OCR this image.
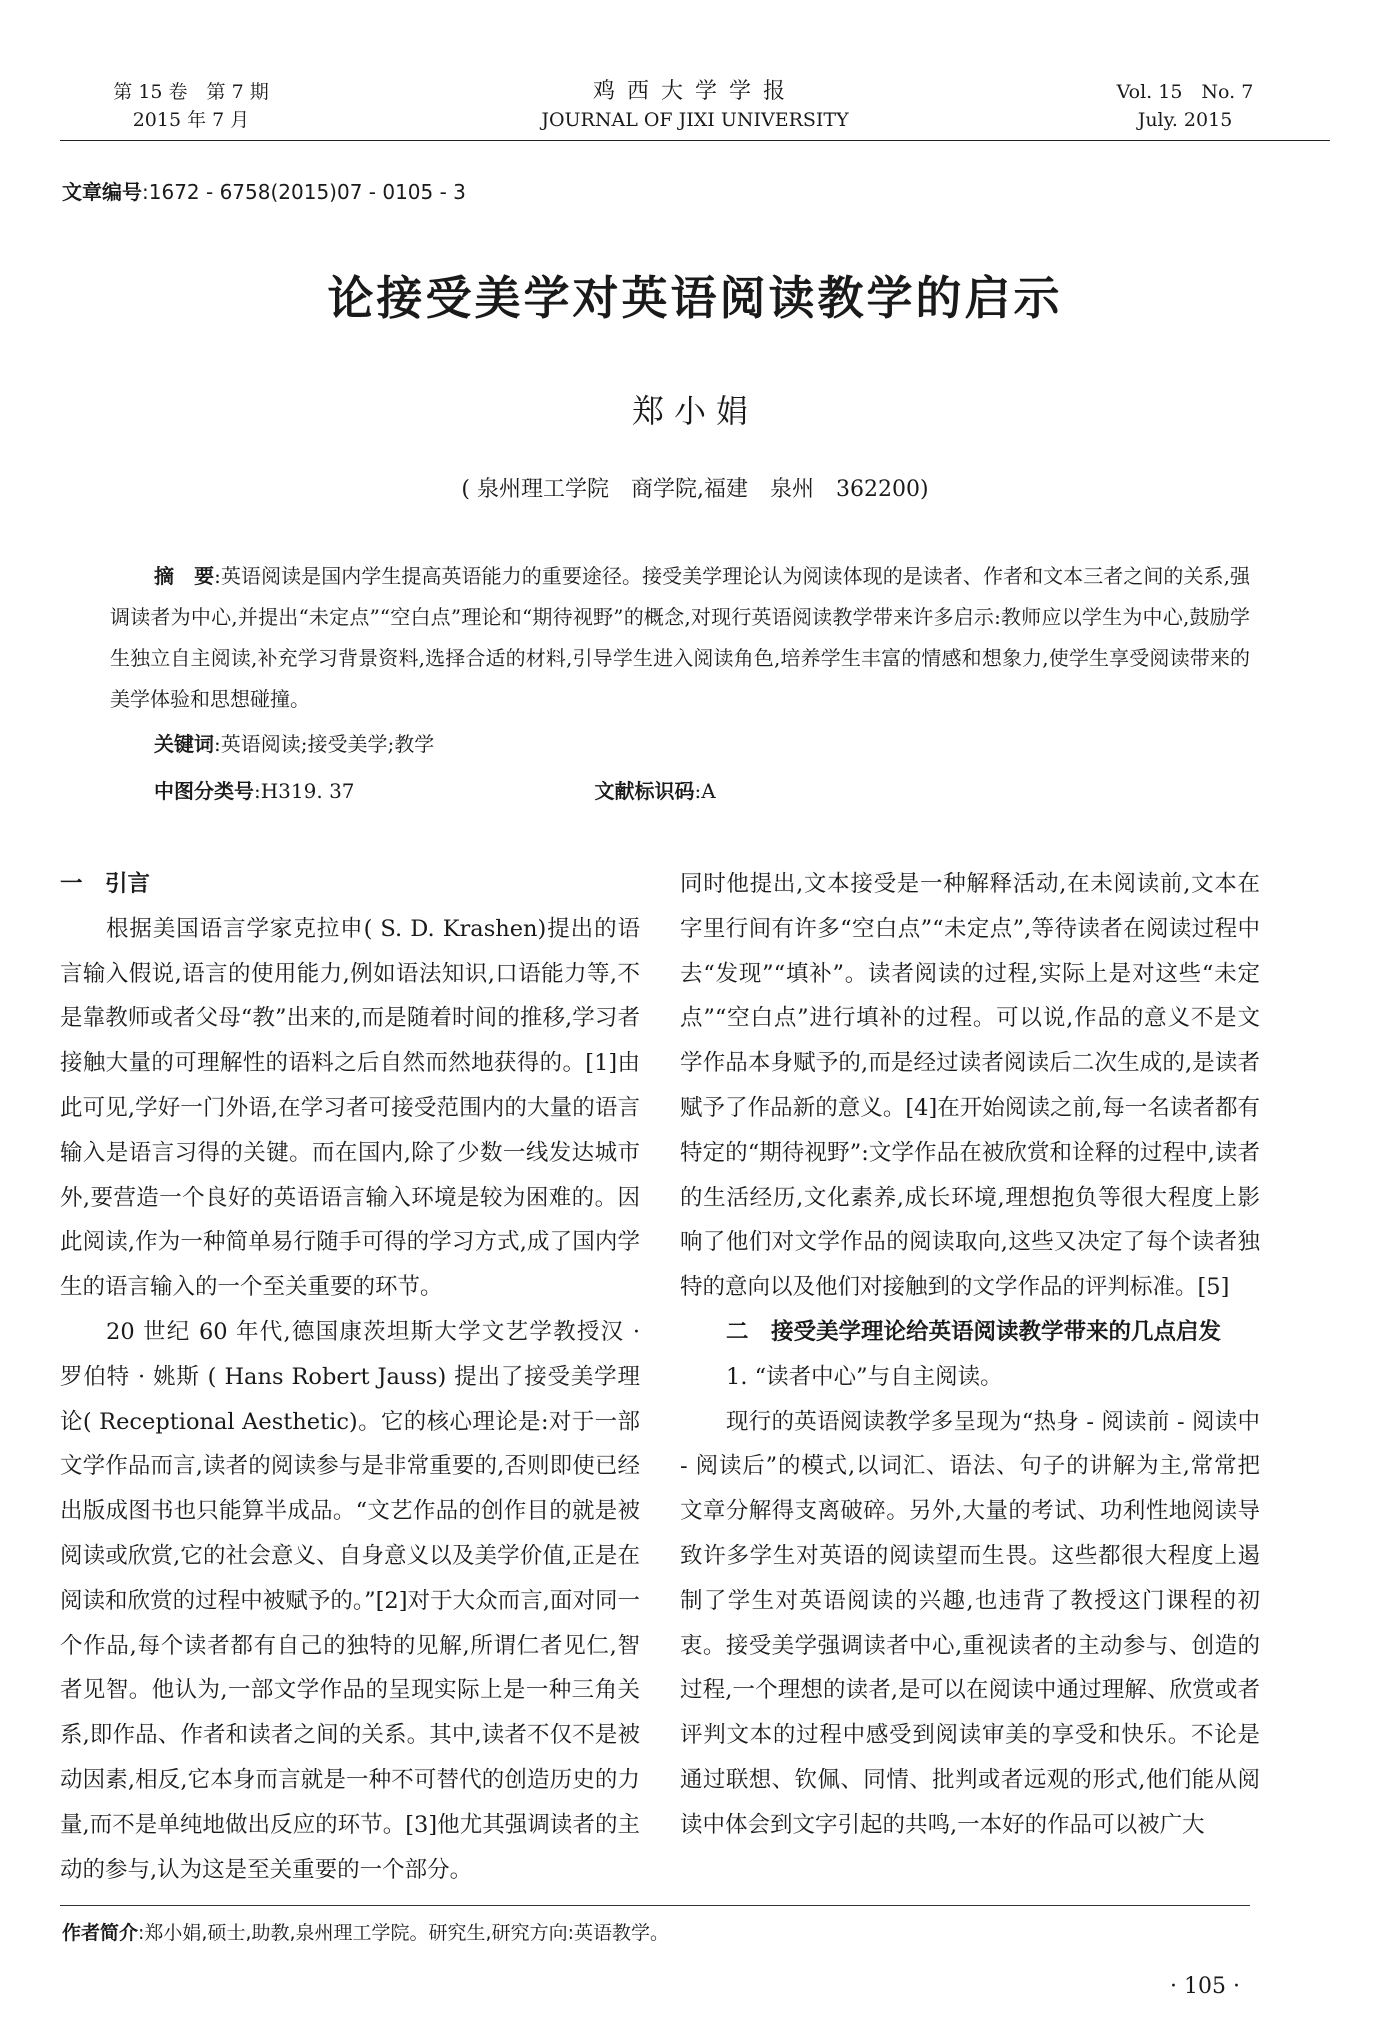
第 15 卷　第 7 期
2015 年 7 月
鸡西大学学报
JOURNAL OF JIXI UNIVERSITY
Vol. 15　No. 7
July. 2015
文章编号:1672 - 6758(2015)07 - 0105 - 3
论接受美学对英语阅读教学的启示
郑小娟
( 泉州理工学院　商学院,福建　泉州　362200)

摘　要:英语阅读是国内学生提高英语能力的重要途径。接受美学理论认为阅读体现的是读者、作者和文本三者之间的关系,强调读者为中心,并提出“未定点”“空白点”理论和“期待视野”的概念,对现行英语阅读教学带来许多启示:教师应以学生为中心,鼓励学生独立自主阅读,补充学习背景资料,选择合适的材料,引导学生进入阅读角色,培养学生丰富的情感和想象力,使学生享受阅读带来的美学体验和思想碰撞。

关键词:英语阅读;接受美学;教学
中图分类号:H319. 37	文献标识码:A

一　引言

根据美国语言学家克拉申( S. D. Krashen)提出的语言输入假说,语言的使用能力,例如语法知识,口语能力等,不是靠教师或者父母“教”出来的,而是随着时间的推移,学习者接触大量的可理解性的语料之后自然而然地获得的。[1]由此可见,学好一门外语,在学习者可接受范围内的大量的语言输入是语言习得的关键。而在国内,除了少数一线发达城市外,要营造一个良好的英语语言输入环境是较为困难的。因此阅读,作为一种简单易行随手可得的学习方式,成了国内学生的语言输入的一个至关重要的环节。

20 世纪 60 年代,德国康茨坦斯大学文艺学教授汉 · 罗伯特 · 姚斯 ( Hans Robert Jauss) 提出了接受美学理论( Receptional Aesthetic)。它的核心理论是:对于一部文学作品而言,读者的阅读参与是非常重要的,否则即使已经出版成图书也只能算半成品。“文艺作品的创作目的就是被阅读或欣赏,它的社会意义、自身意义以及美学价值,正是在阅读和欣赏的过程中被赋予的。”[2]对于大众而言,面对同一个作品,每个读者都有自己的独特的见解,所谓仁者见仁,智者见智。他认为,一部文学作品的呈现实际上是一种三角关系,即作品、作者和读者之间的关系。其中,读者不仅不是被动因素,相反,它本身而言就是一种不可替代的创造历史的力量,而不是单纯地做出反应的环节。[3]他尤其强调读者的主动的参与,认为这是至关重要的一个部分。

同时他提出,文本接受是一种解释活动,在未阅读前,文本在字里行间有许多“空白点”“未定点”,等待读者在阅读过程中去“发现”“填补”。读者阅读的过程,实际上是对这些“未定点”“空白点”进行填补的过程。可以说,作品的意义不是文学作品本身赋予的,而是经过读者阅读后二次生成的,是读者赋予了作品新的意义。[4]在开始阅读之前,每一名读者都有特定的“期待视野”:文学作品在被欣赏和诠释的过程中,读者的生活经历,文化素养,成长环境,理想抱负等很大程度上影响了他们对文学作品的阅读取向,这些又决定了每个读者独特的意向以及他们对接触到的文学作品的评判标准。[5]

二　接受美学理论给英语阅读教学带来的几点启发

1. “读者中心”与自主阅读。

现行的英语阅读教学多呈现为“热身 - 阅读前 - 阅读中 - 阅读后”的模式,以词汇、语法、句子的讲解为主,常常把文章分解得支离破碎。另外,大量的考试、功利性地阅读导致许多学生对英语的阅读望而生畏。这些都很大程度上遏制了学生对英语阅读的兴趣,也违背了教授这门课程的初衷。接受美学强调读者中心,重视读者的主动参与、创造的过程,一个理想的读者,是可以在阅读中通过理解、欣赏或者评判文本的过程中感受到阅读审美的享受和快乐。不论是通过联想、钦佩、同情、批判或者远观的形式,他们能从阅读中体会到文字引起的共鸣,一本好的作品可以被广大

作者简介:郑小娟,硕士,助教,泉州理工学院。研究生,研究方向:英语教学。
· 105 ·
